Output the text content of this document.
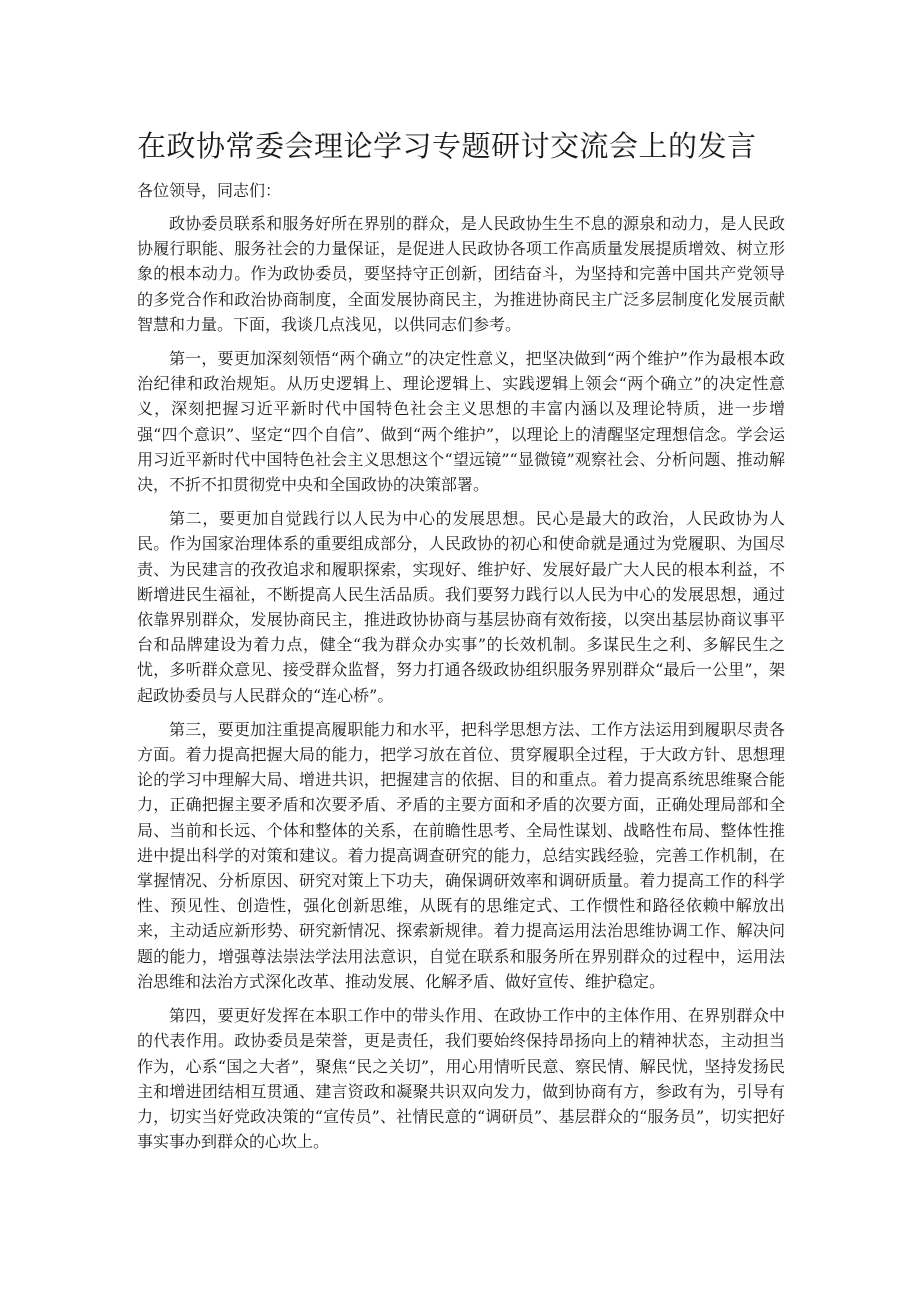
在政协常委会理论学习专题研讨交流会上的发言

各位领导，同志们：

政协委员联系和服务好所在界别的群众，是人民政协生生不息的源泉和动力，是人民政协履行职能、服务社会的力量保证，是促进人民政协各项工作高质量发展提质增效、树立形象的根本动力。作为政协委员，要坚持守正创新，团结奋斗，为坚持和完善中国共产党领导的多党合作和政治协商制度，全面发展协商民主，为推进协商民主广泛多层制度化发展贡献智慧和力量。下面，我谈几点浅见，以供同志们参考。

第一，要更加深刻领悟“两个确立”的决定性意义，把坚决做到“两个维护”作为最根本政治纪律和政治规矩。从历史逻辑上、理论逻辑上、实践逻辑上领会“两个确立”的决定性意义，深刻把握习近平新时代中国特色社会主义思想的丰富内涵以及理论特质，进一步增强“四个意识”、坚定“四个自信”、做到“两个维护”，以理论上的清醒坚定理想信念。学会运用习近平新时代中国特色社会主义思想这个“望远镜”“显微镜”观察社会、分析问题、推动解决，不折不扣贯彻党中央和全国政协的决策部署。

第二，要更加自觉践行以人民为中心的发展思想。民心是最大的政治，人民政协为人民。作为国家治理体系的重要组成部分，人民政协的初心和使命就是通过为党履职、为国尽责、为民建言的孜孜追求和履职探索，实现好、维护好、发展好最广大人民的根本利益，不断增进民生福祉，不断提高人民生活品质。我们要努力践行以人民为中心的发展思想，通过依靠界别群众，发展协商民主，推进政协协商与基层协商有效衔接，以突出基层协商议事平台和品牌建设为着力点，健全“我为群众办实事”的长效机制。多谋民生之利、多解民生之忧，多听群众意见、接受群众监督，努力打通各级政协组织服务界别群众“最后一公里”，架起政协委员与人民群众的“连心桥”。

第三，要更加注重提高履职能力和水平，把科学思想方法、工作方法运用到履职尽责各方面。着力提高把握大局的能力，把学习放在首位、贯穿履职全过程，于大政方针、思想理论的学习中理解大局、增进共识，把握建言的依据、目的和重点。着力提高系统思维聚合能力，正确把握主要矛盾和次要矛盾、矛盾的主要方面和矛盾的次要方面，正确处理局部和全局、当前和长远、个体和整体的关系，在前瞻性思考、全局性谋划、战略性布局、整体性推进中提出科学的对策和建议。着力提高调查研究的能力，总结实践经验，完善工作机制，在掌握情况、分析原因、研究对策上下功夫，确保调研效率和调研质量。着力提高工作的科学性、预见性、创造性，强化创新思维，从既有的思维定式、工作惯性和路径依赖中解放出来，主动适应新形势、研究新情况、探索新规律。着力提高运用法治思维协调工作、解决问题的能力，增强尊法崇法学法用法意识，自觉在联系和服务所在界别群众的过程中，运用法治思维和法治方式深化改革、推动发展、化解矛盾、做好宣传、维护稳定。

第四，要更好发挥在本职工作中的带头作用、在政协工作中的主体作用、在界别群众中的代表作用。政协委员是荣誉，更是责任，我们要始终保持昂扬向上的精神状态，主动担当作为，心系“国之大者”，聚焦“民之关切”，用心用情听民意、察民情、解民忧，坚持发扬民主和增进团结相互贯通、建言资政和凝聚共识双向发力，做到协商有方，参政有为，引导有力，切实当好党政决策的“宣传员”、社情民意的“调研员”、基层群众的“服务员”，切实把好事实事办到群众的心坎上。
